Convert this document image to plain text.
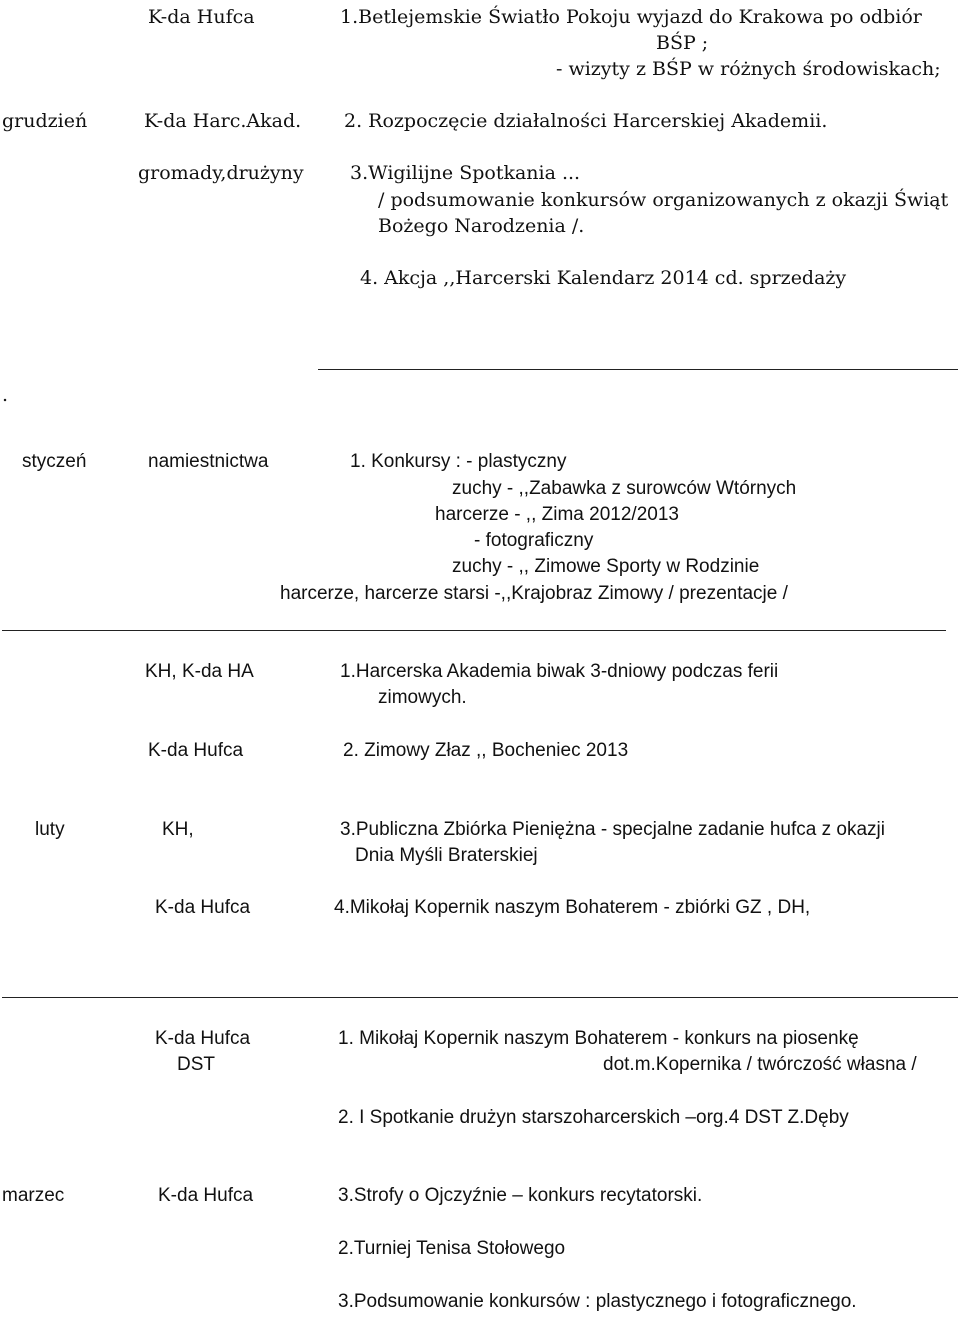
K-da Hufca	1.Betlejemskie Światło Pokoju wyjazd do Krakowa po odbiór
BŚP ;
- wizyty z BŚP w różnych środowiskach;
grudzień	K-da Harc.Akad. 2. Rozpoczęcie działalności Harcerskiej Akademii.
gromady,drużyny 3.Wigilijne Spotkania ...
/ podsumowanie konkursów organizowanych z okazji Świąt
Bożego Narodzenia /.
4. Akcja ,,Harcerski Kalendarz 2014 cd. sprzedaży
.
styczeń	namiestnictwa	1. Konkursy : - plastyczny
zuchy - ,,Zabawka z surowców Wtórnych
harcerze - ,, Zima 2012/2013
- fotograficzny
zuchy - ,, Zimowe Sporty w Rodzinie
harcerze, harcerze starsi -,,Krajobraz Zimowy / prezentacje /
KH, K-da HA	1.Harcerska Akademia biwak 3-dniowy podczas ferii
zimowych.
K-da Hufca	2. Zimowy Złaz ,, Bocheniec 2013
luty	KH,	3.Publiczna Zbiórka Pieniężna - specjalne zadanie hufca z okazji
Dnia Myśli Braterskiej
K-da Hufca	4.Mikołaj Kopernik naszym Bohaterem - zbiórki GZ , DH,
K-da Hufca	1. Mikołaj Kopernik naszym Bohaterem - konkurs na piosenkę
DST	dot.m.Kopernika / twórczość własna /
2. I Spotkanie drużyn starszoharcerskich –org.4 DST Z.Dęby
marzec	K-da Hufca	3.Strofy o Ojczyźnie – konkurs recytatorski.
2.Turniej Tenisa Stołowego
3.Podsumowanie konkursów : plastycznego i fotograficznego.
